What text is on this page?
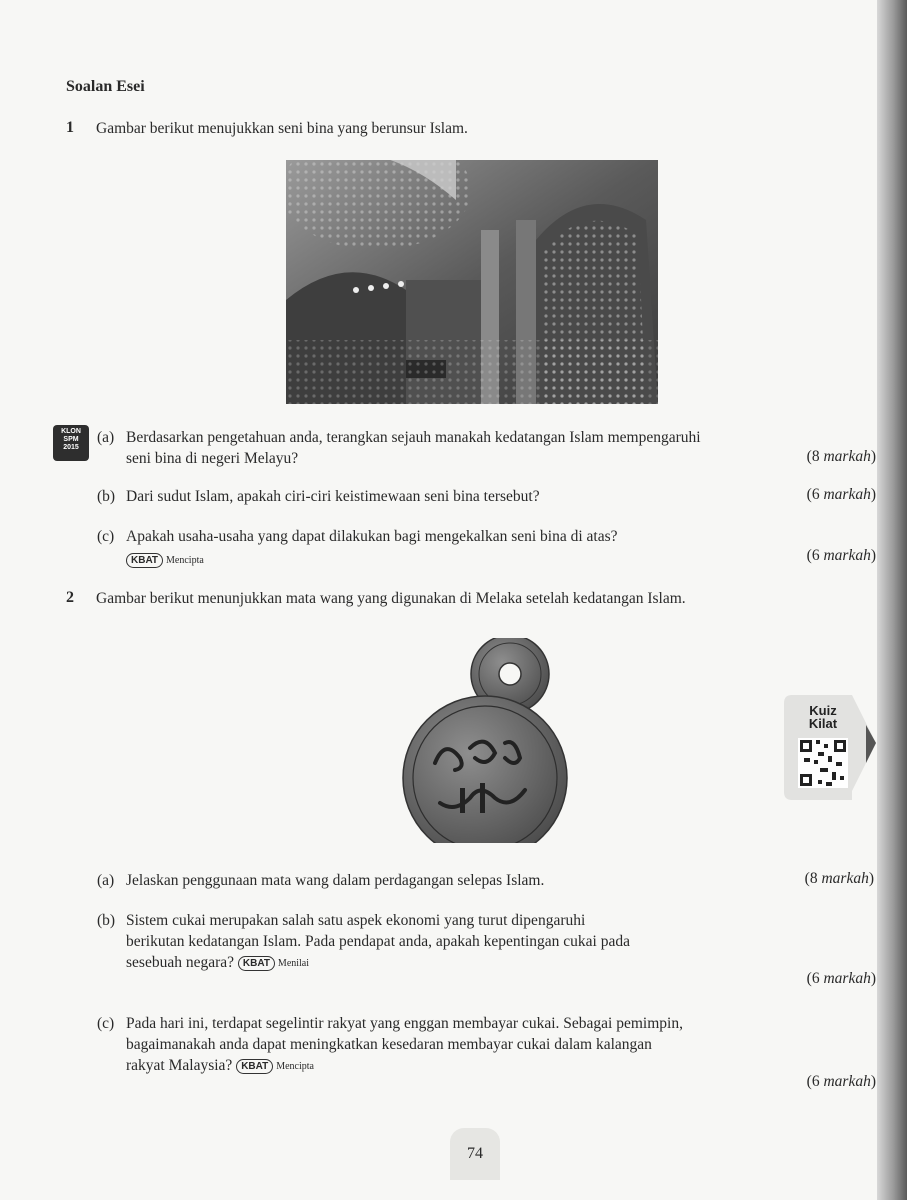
Soalan Esei
1 Gambar berikut menujukkan seni bina yang berunsur Islam.
KLON
SPM
2015
(a) Berdasarkan pengetahuan anda, terangkan sejauh manakah kedatangan Islam mempengaruhi
seni bina di negeri Melayu?	(8 markah)
(b) Dari sudut Islam, apakah ciri-ciri keistimewaan seni bina tersebut?	(6 markah)
(c) Apakah usaha-usaha yang dapat dilakukan bagi mengekalkan seni bina di atas?
KBAT Mencipta	(6 markah)
2 Gambar berikut menunjukkan mata wang yang digunakan di Melaka setelah kedatangan Islam.
Kuiz
Kilat
(a) Jelaskan penggunaan mata wang dalam perdagangan selepas Islam.	(8 markah)
(b) Sistem cukai merupakan salah satu aspek ekonomi yang turut dipengaruhi
berikutan kedatangan Islam. Pada pendapat anda, apakah kepentingan cukai pada
sesebuah negara? KBAT Menilai
(6 markah)
(c) Pada hari ini, terdapat segelintir rakyat yang enggan membayar cukai. Sebagai pemimpin,
bagaimanakah anda dapat meningkatkan kesedaran membayar cukai dalam kalangan
rakyat Malaysia? KBAT Mencipta
(6 markah)
74
